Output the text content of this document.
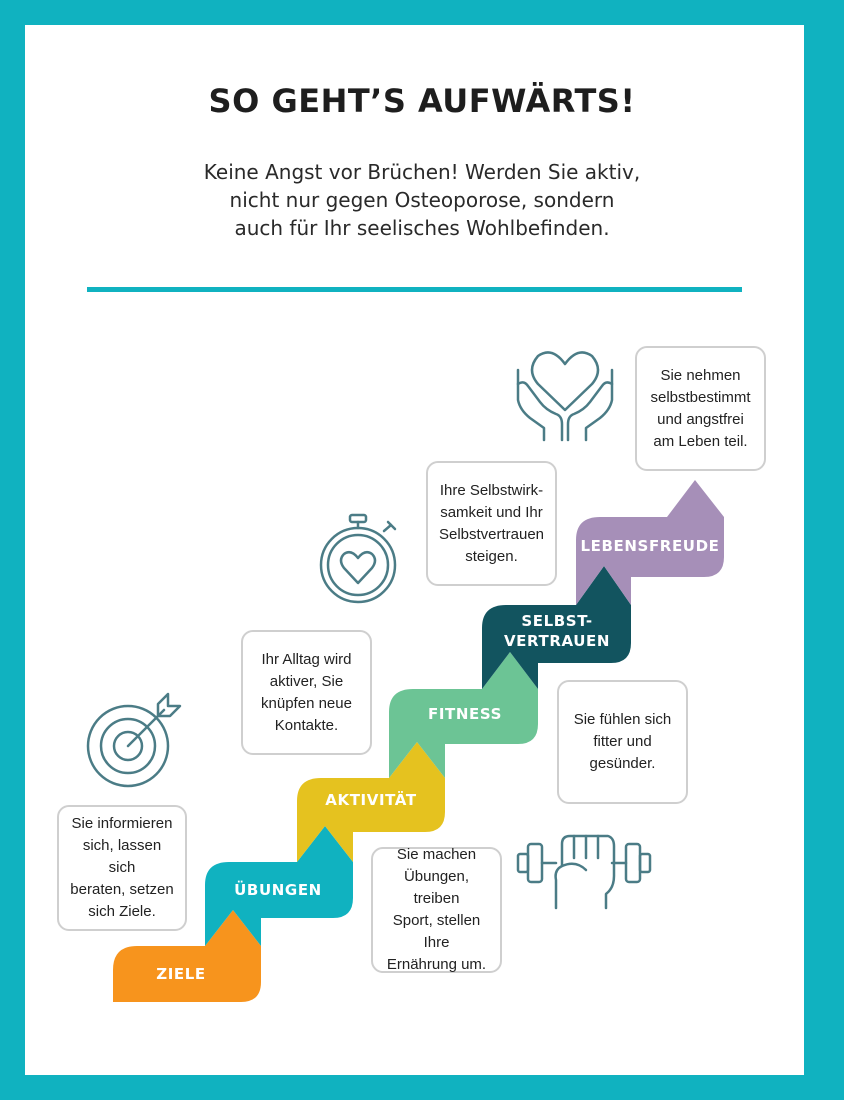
SO GEHT’S AUFWÄRTS!
Keine Angst vor Brüchen! Werden Sie aktiv,
nicht nur gegen Osteoporose, sondern
auch für Ihr seelisches Wohlbefinden.
ZIELE
ÜBUNGEN
AKTIVITÄT
FITNESS
SELBST-
VERTRAUEN
LEBENSFREUDE
Sie informieren
sich, lassen sich
beraten, setzen
sich Ziele.
Sie machen
Übungen, treiben
Sport, stellen Ihre
Ernährung um.
Ihr Alltag wird
aktiver, Sie
knüpfen neue
Kontakte.	Sie fühlen sich
fitter und
gesünder.
Ihre Selbstwirk-
samkeit und Ihr
Selbstvertrauen
steigen.
Sie nehmen
selbstbestimmt
und angstfrei
am Leben teil.
